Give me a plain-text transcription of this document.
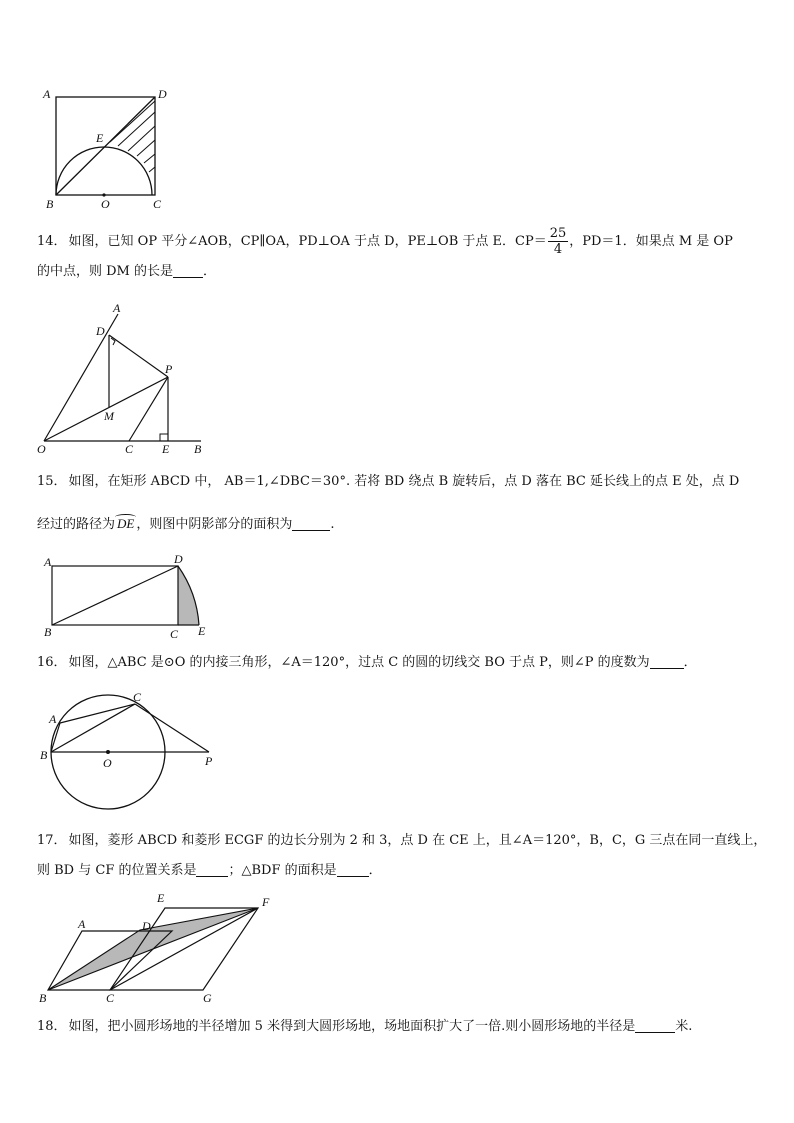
A	D
E
B	O	C
14． 如图，已知 OP 平分∠AOB，CP∥OA，PD⊥OA 于点 D，PE⊥OB 于点 E．$CP= \frac{25}{4}$ ，PD＝1．如果点 M 是 OP
的中点，则 DM 的长是 ．
A
D
P
M
O	C E B
15． 如图，在矩形 ABCD 中， AB＝1,∠DBC＝30°. 若将 BD 绕点 B 旋转后，点 D 落在 BC 延长线上的点 E 处，点 D
经过的路径为 DE ，则图中阴影部分的面积为	.
A	D
B	C E
16． 如图，△ABC 是⊙O 的内接三角形，∠A＝120°，过点 C 的圆的切线交 BO 于点 P，则∠P 的度数为	．
A
C
B
O	P
17． 如图，菱形 ABCD 和菱形 ECGF 的边长分别为 2 和 3，点 D 在 CE 上，且∠A＝120°，B，C，G 三点在同一直线上，
则 BD 与 CF 的位置关系是 ；△BDF 的面积是 ．
E	F
A	D
B	C	G
18． 如图，把小圆形场地的半径增加 5 米得到大圆形场地，场地面积扩大了一倍.则小圆形场地的半径是	米.
